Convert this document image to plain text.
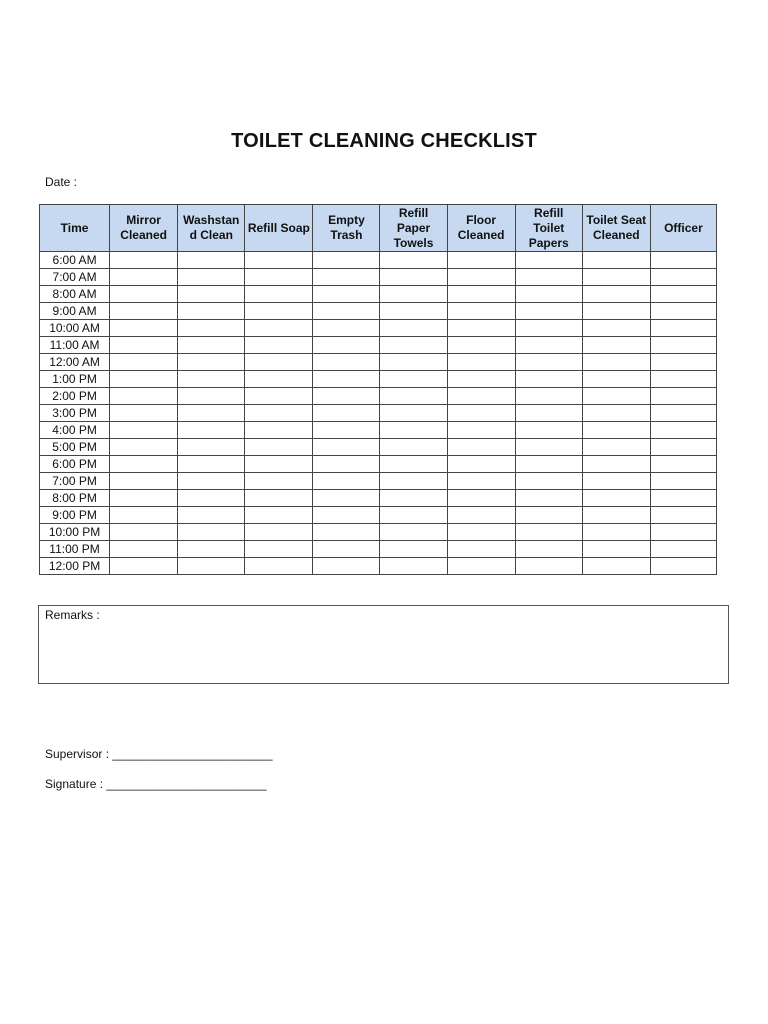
TOILET CLEANING CHECKLIST
Date :
Time	Mirror Cleaned	Washstand Clean	Refill Soap	Empty Trash	Refill Paper Towels	Floor Cleaned	Refill Toilet Papers	Toilet Seat Cleaned	Officer
6:00 AM									
7:00 AM									
8:00 AM									
9:00 AM									
10:00 AM									
11:00 AM									
12:00 AM									
1:00 PM									
2:00 PM									
3:00 PM									
4:00 PM									
5:00 PM									
6:00 PM									
7:00 PM									
8:00 PM									
9:00 PM									
10:00 PM									
11:00 PM									
12:00 PM									
Remarks :
Supervisor : ________________________
Signature : ________________________
